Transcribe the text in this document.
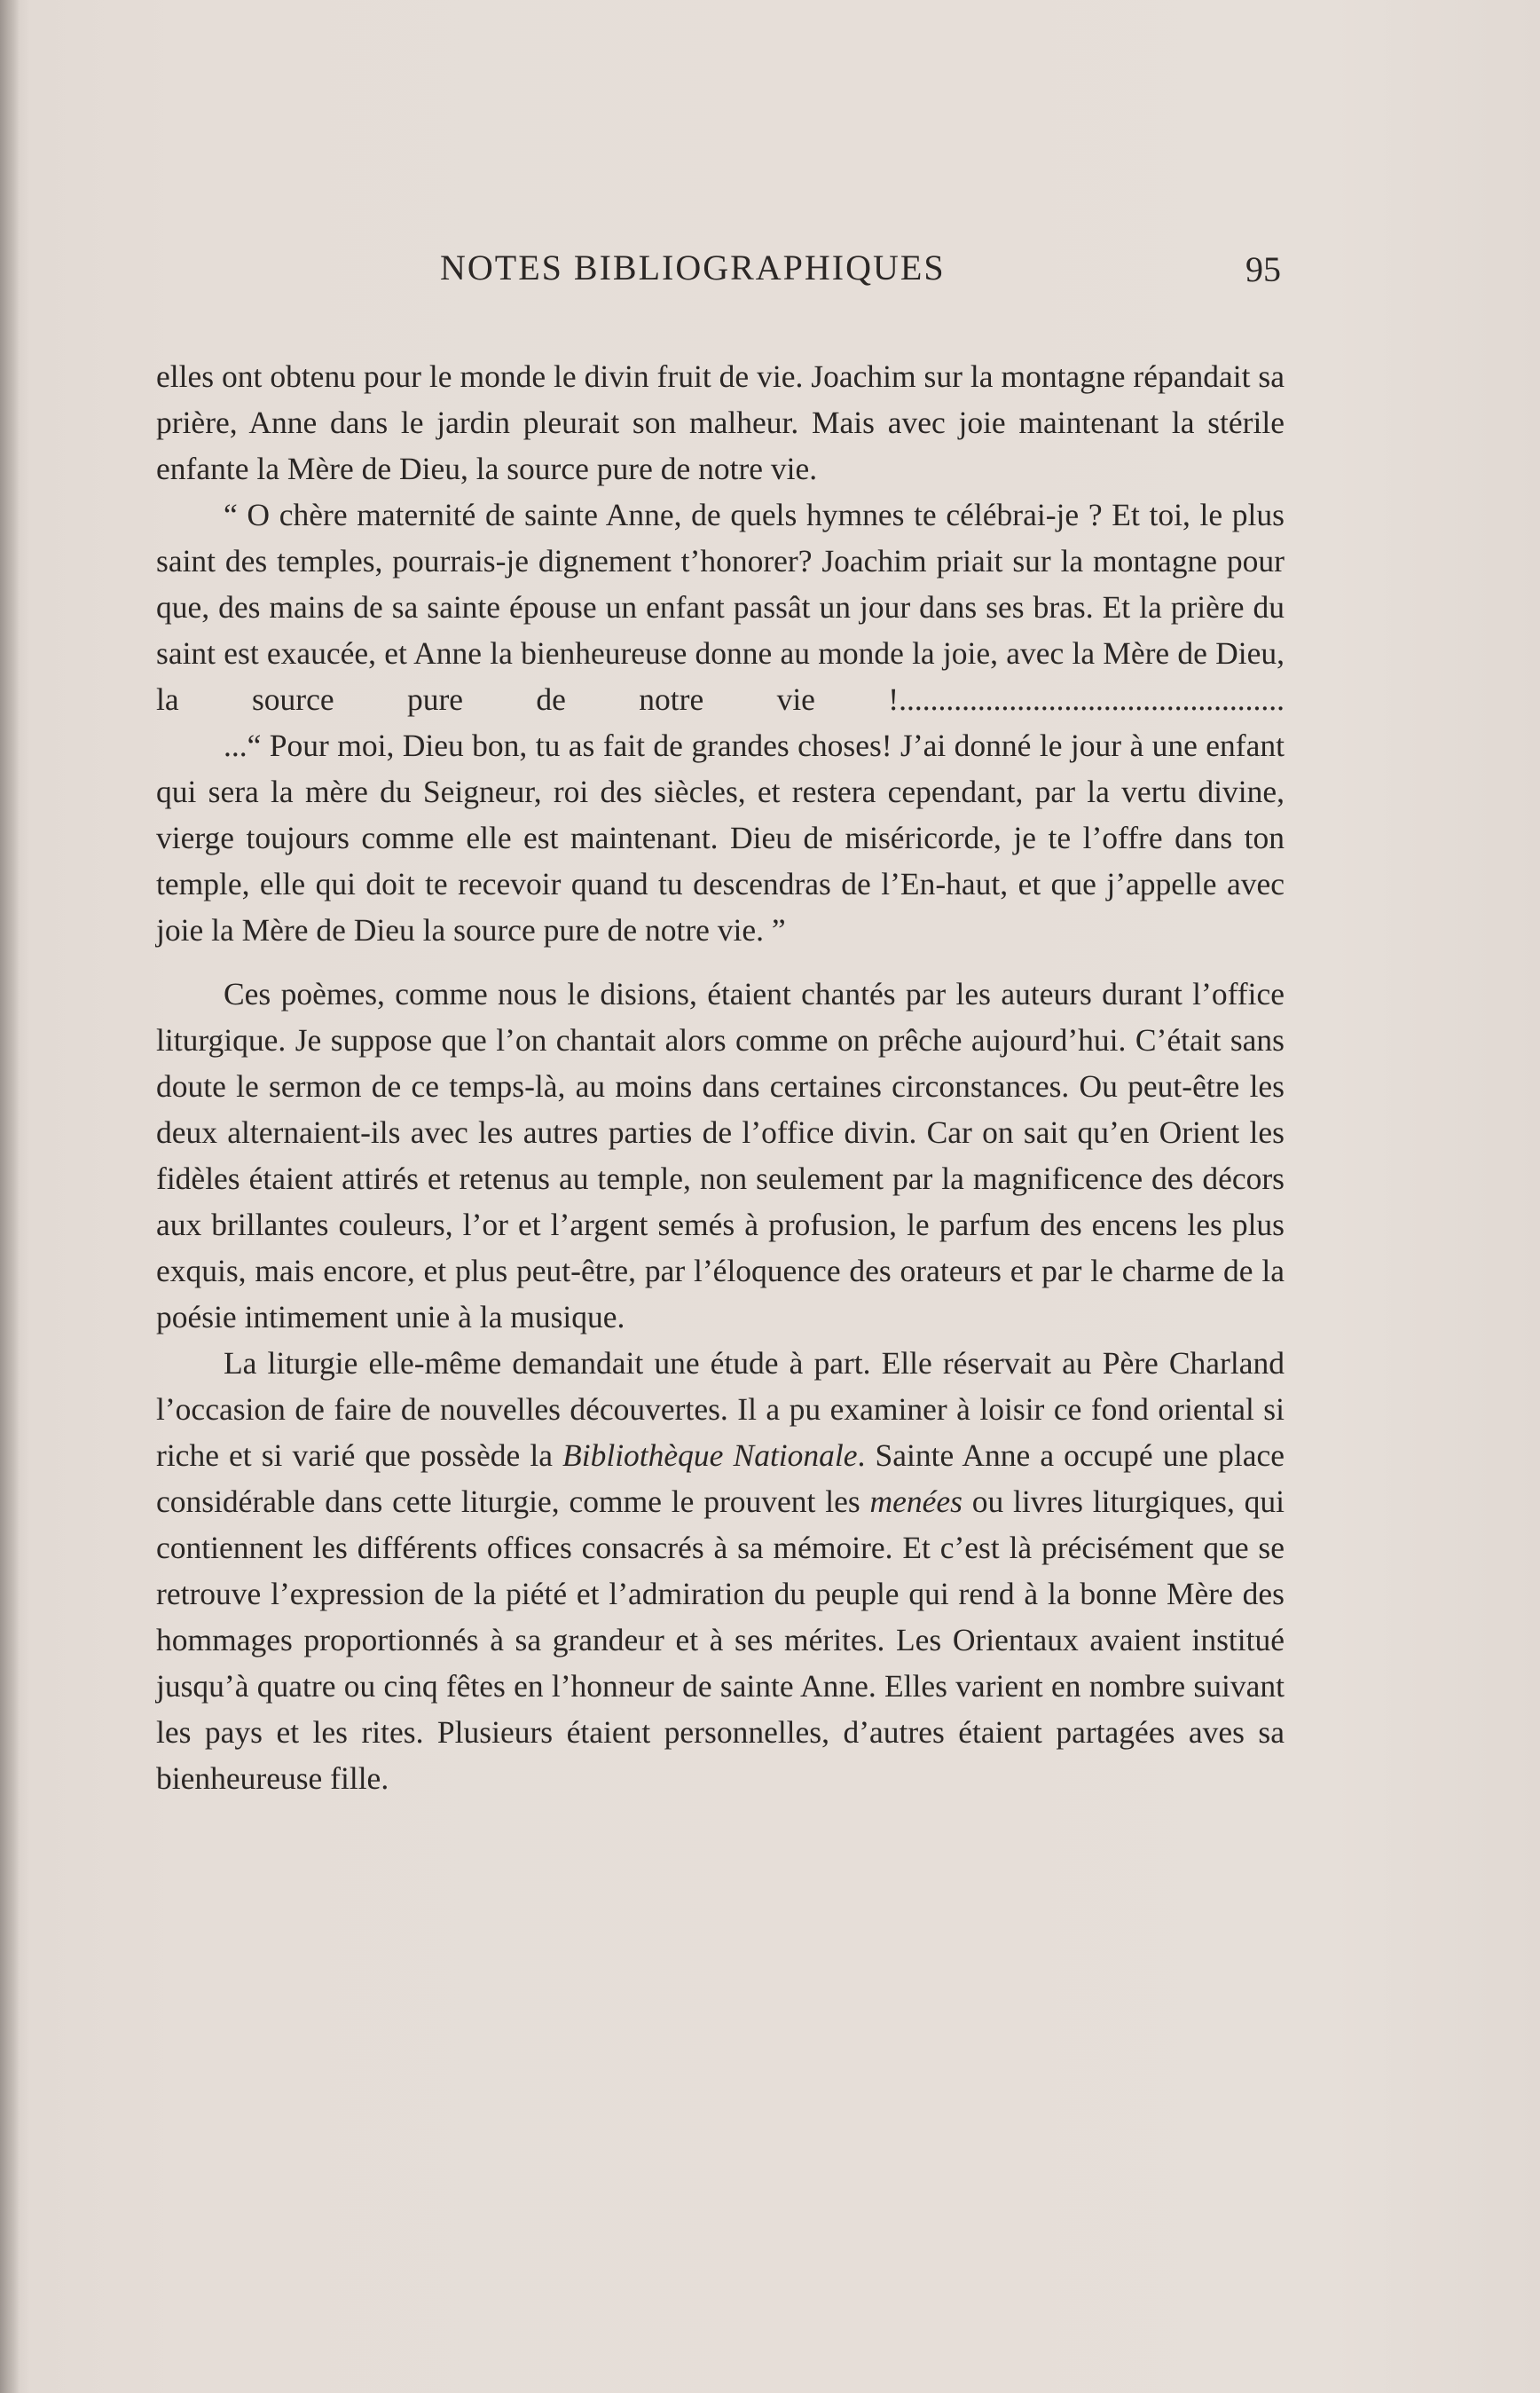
NOTES BIBLIOGRAPHIQUES	95

elles ont obtenu pour le monde le divin fruit de vie. Joachim sur la montagne répandait sa prière, Anne dans le jardin pleurait son malheur. Mais avec joie maintenant la stérile enfante la Mère de Dieu, la source pure de notre vie.

“ O chère maternité de sainte Anne, de quels hymnes te célébrai-je ? Et toi, le plus saint des temples, pourrais-je dignement t’honorer? Joachim priait sur la montagne pour que, des mains de sa sainte épouse un enfant passât un jour dans ses bras. Et la prière du saint est exaucée, et Anne la bienheureuse donne au monde la joie, avec la Mère de Dieu, la source pure de notre vie !.................................................

...“ Pour moi, Dieu bon, tu as fait de grandes choses! J’ai donné le jour à une enfant qui sera la mère du Seigneur, roi des siècles, et restera cependant, par la vertu divine, vierge toujours comme elle est maintenant. Dieu de miséricorde, je te l’offre dans ton temple, elle qui doit te recevoir quand tu descendras de l’En-haut, et que j’appelle avec joie la Mère de Dieu la source pure de notre vie. ”

Ces poèmes, comme nous le disions, étaient chantés par les auteurs durant l’office liturgique. Je suppose que l’on chantait alors comme on prêche aujourd’hui. C’était sans doute le sermon de ce temps-là, au moins dans certaines circonstances. Ou peut-être les deux alternaient-ils avec les autres parties de l’office divin. Car on sait qu’en Orient les fidèles étaient attirés et retenus au temple, non seulement par la magnificence des décors aux brillantes couleurs, l’or et l’argent semés à profusion, le parfum des encens les plus exquis, mais encore, et plus peut-être, par l’éloquence des orateurs et par le charme de la poésie intimement unie à la musique.

La liturgie elle-même demandait une étude à part. Elle réservait au Père Charland l’occasion de faire de nouvelles découvertes. Il a pu examiner à loisir ce fond oriental si riche et si varié que possède la Bibliothèque Nationale. Sainte Anne a occupé une place considérable dans cette liturgie, comme le prouvent les menées ou livres liturgiques, qui contiennent les différents offices consacrés à sa mémoire. Et c’est là précisément que se retrouve l’expression de la piété et l’admiration du peuple qui rend à la bonne Mère des hommages proportionnés à sa grandeur et à ses mérites. Les Orientaux avaient institué jusqu’à quatre ou cinq fêtes en l’honneur de sainte Anne. Elles varient en nombre suivant les pays et les rites. Plusieurs étaient personnelles, d’autres étaient partagées aves sa bienheureuse fille.
